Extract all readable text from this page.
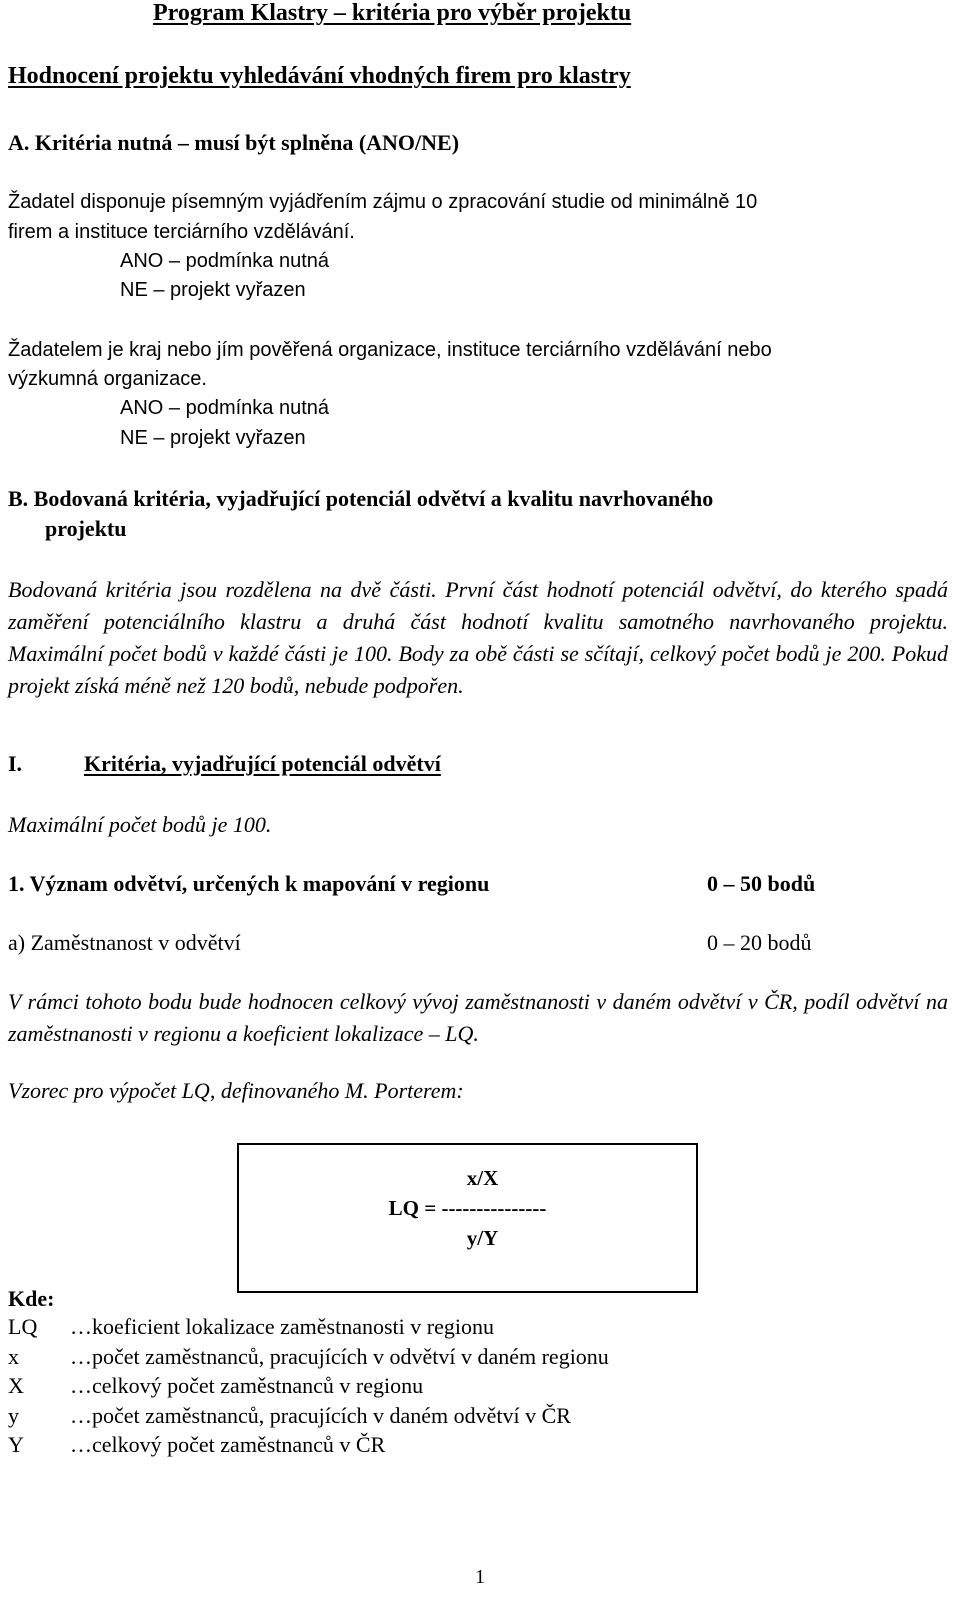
Program Klastry – kritéria pro výběr projektu
Hodnocení projektu vyhledávání vhodných firem pro klastry
A. Kritéria nutná – musí být splněna (ANO/NE)
Žadatel disponuje písemným vyjádřením zájmu o zpracování studie od minimálně 10
firem a instituce terciárního vzdělávání.
ANO – podmínka nutná
NE – projekt vyřazen
Žadatelem je kraj nebo jím pověřená organizace, instituce terciárního vzdělávání nebo
výzkumná organizace.
ANO – podmínka nutná
NE – projekt vyřazen
B. Bodovaná kritéria, vyjadřující potenciál odvětví a kvalitu navrhovaného
projektu

Bodovaná kritéria jsou rozdělena na dvě části. První část hodnotí potenciál odvětví, do kterého spadá zaměření potenciálního klastru a druhá část hodnotí kvalitu samotného navrhovaného projektu. Maximální počet bodů v každé části je 100. Body za obě části se sčítají, celkový počet bodů je 200. Pokud projekt získá méně než 120 bodů, nebude podpořen.

I.	Kritéria, vyjadřující potenciál odvětví
Maximální počet bodů je 100.
1. Význam odvětví, určených k mapování v regionu	0 – 50 bodů
a) Zaměstnanost v odvětví	0 – 20 bodů

V rámci tohoto bodu bude hodnocen celkový vývoj zaměstnanosti v daném odvětví v ČR, podíl odvětví na zaměstnanosti v regionu a koeficient lokalizace – LQ.

Vzorec pro výpočet LQ, definovaného M. Porterem:
x/X
LQ = ---------------
y/Y
Kde:
LQ …koeficient lokalizace zaměstnanosti v regionu
x …počet zaměstnanců, pracujících v odvětví v daném regionu
X …celkový počet zaměstnanců v regionu
y …počet zaměstnanců, pracujících v daném odvětví v ČR
Y …celkový počet zaměstnanců v ČR
1
